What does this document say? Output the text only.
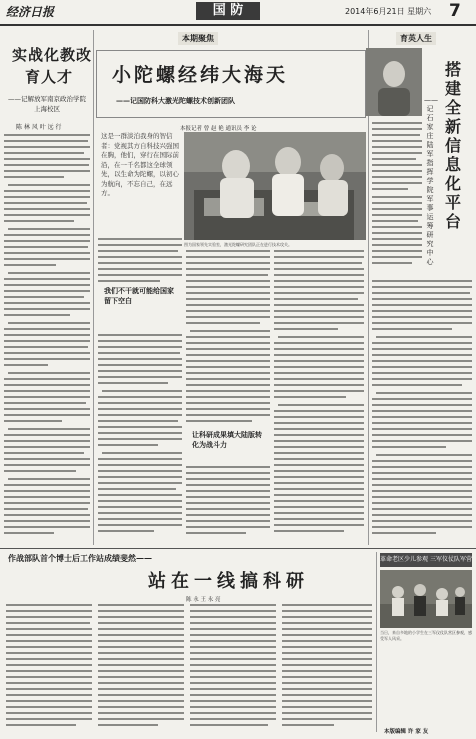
经济日报	国 防	2014年6月21日 星期六 7
实战化教改
育人才
——记解放军南京政治学院上海校区
陈 林 风 叶 远 行
本期聚焦
小陀螺经纬大海天
——记国防科大激光陀螺技术创新团队
本报记者 曾 赵 艳 通讯员 李 论
这是一群淡泊我身的智信者：党视其方自科技兴强国在胸，他们，穿行在国际前沿，在一千名都这全球领先，以生命为陀螺，以初心为航向，不忘自己，在远方。
图为国家领先实验室，激光陀螺研究团队正在进行技术攻关。
我们不干就可能给国家留下空白
让科研成果填大陆版转化为战斗力
育英人生
搭建全新信息化平台
——记石家庄陆军指挥学院军事运筹研究中心
作战部队首个博士后工作站成绩斐然——
站在一线搞科研
陈 永 王 永 亮
革命老区少儿参观 三军仪仗队军营
当日，来自多地的小学生在三军仪仗队营区参观，感受军人风采。
本版编辑 许 家 友
